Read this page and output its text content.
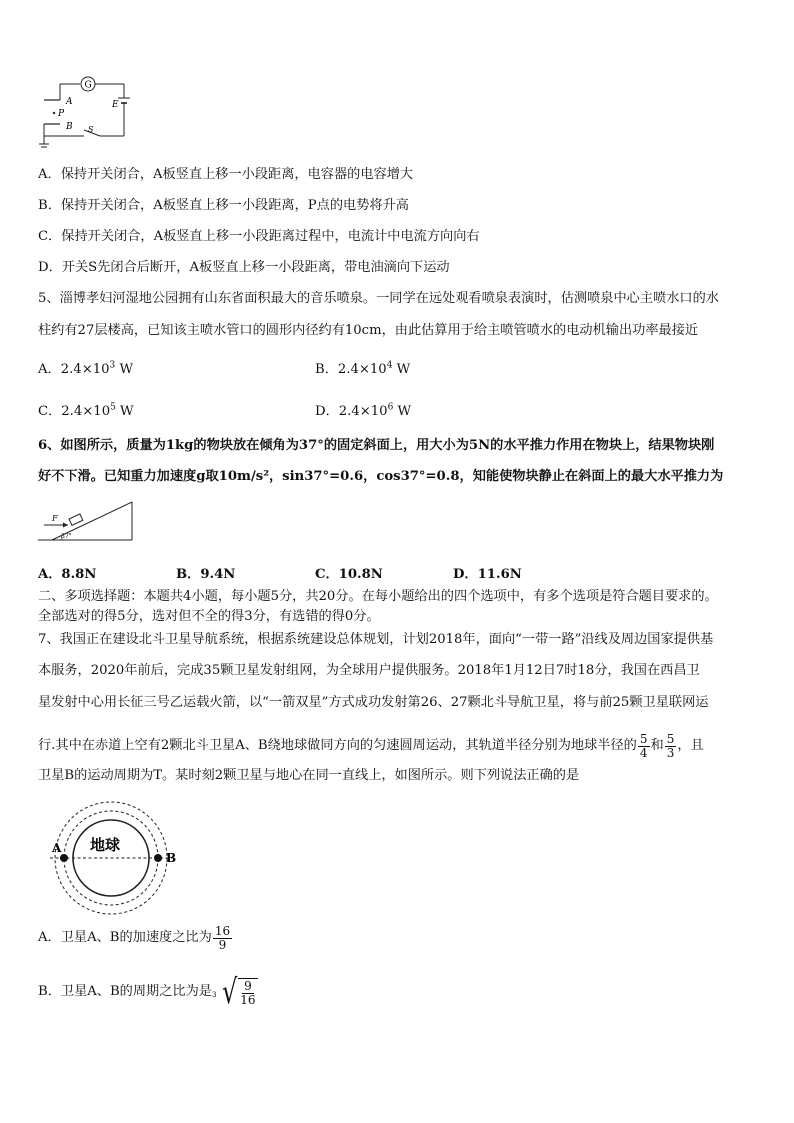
G
E
S
A
P
B
A．保持开关闭合，A板竖直上移一小段距离，电容器的电容增大
B．保持开关闭合，A板竖直上移一小段距离，P点的电势将升高
C．保持开关闭合，A板竖直上移一小段距离过程中，电流计中电流方向向右
D．开关S先闭合后断开，A板竖直上移一小段距离，带电油滴向下运动
5、淄博孝妇河湿地公园拥有山东省面积最大的音乐喷泉。一同学在远处观看喷泉表演时，估测喷泉中心主喷水口的水
柱约有27层楼高，已知该主喷水管口的圆形内径约有10cm，由此估算用于给主喷管喷水的电动机输出功率最接近
A．$2.4\times 10^3$ W	B．$2.4\times 10^4$ W
C．$2.4\times 10^5$ W	D．$2.4\times 10^6$ W
6、如图所示，质量为1kg的物块放在倾角为37°的固定斜面上，用大小为5N的水平推力作用在物块上，结果物块刚
好不下滑。已知重力加速度g取10m/s²，sin37°=0.6，cos37°=0.8，知能使物块静止在斜面上的最大水平推力为
F
37°
A．8.8N	B．9.4N	C．10.8N	D．11.6N
二、多项选择题：本题共4小题，每小题5分，共20分。在每小题给出的四个选项中，有多个选项是符合题目要求的。
全部选对的得5分，选对但不全的得3分，有选错的得0分。
7、我国正在建设北斗卫星导航系统，根据系统建设总体规划，计划2018年，面向“一带一路”沿线及周边国家提供基
本服务，2020年前后，完成35颗卫星发射组网，为全球用户提供服务。2018年1月12日7时18分，我国在西昌卫
星发射中心用长征三号乙运载火箭，以“一箭双星”方式成功发射第26、27颗北斗导航卫星，将与前25颗卫星联网运
行.其中在赤道上空有2颗北斗卫星A、B绕地球做同方向的匀速圆周运动，其轨道半径分别为地球半径的 $\frac{5}{4}$ 和 $\frac{5}{3}$ ，且
卫星B的运动周期为T。某时刻2颗卫星与地心在同一直线上，如图所示。则下列说法正确的是
地球
A
B
A．卫星A、B的加速度之比为 $\frac{16}{9}$
B．卫星A、B的周期之比为是 3 √ $\frac{9}{16}$
